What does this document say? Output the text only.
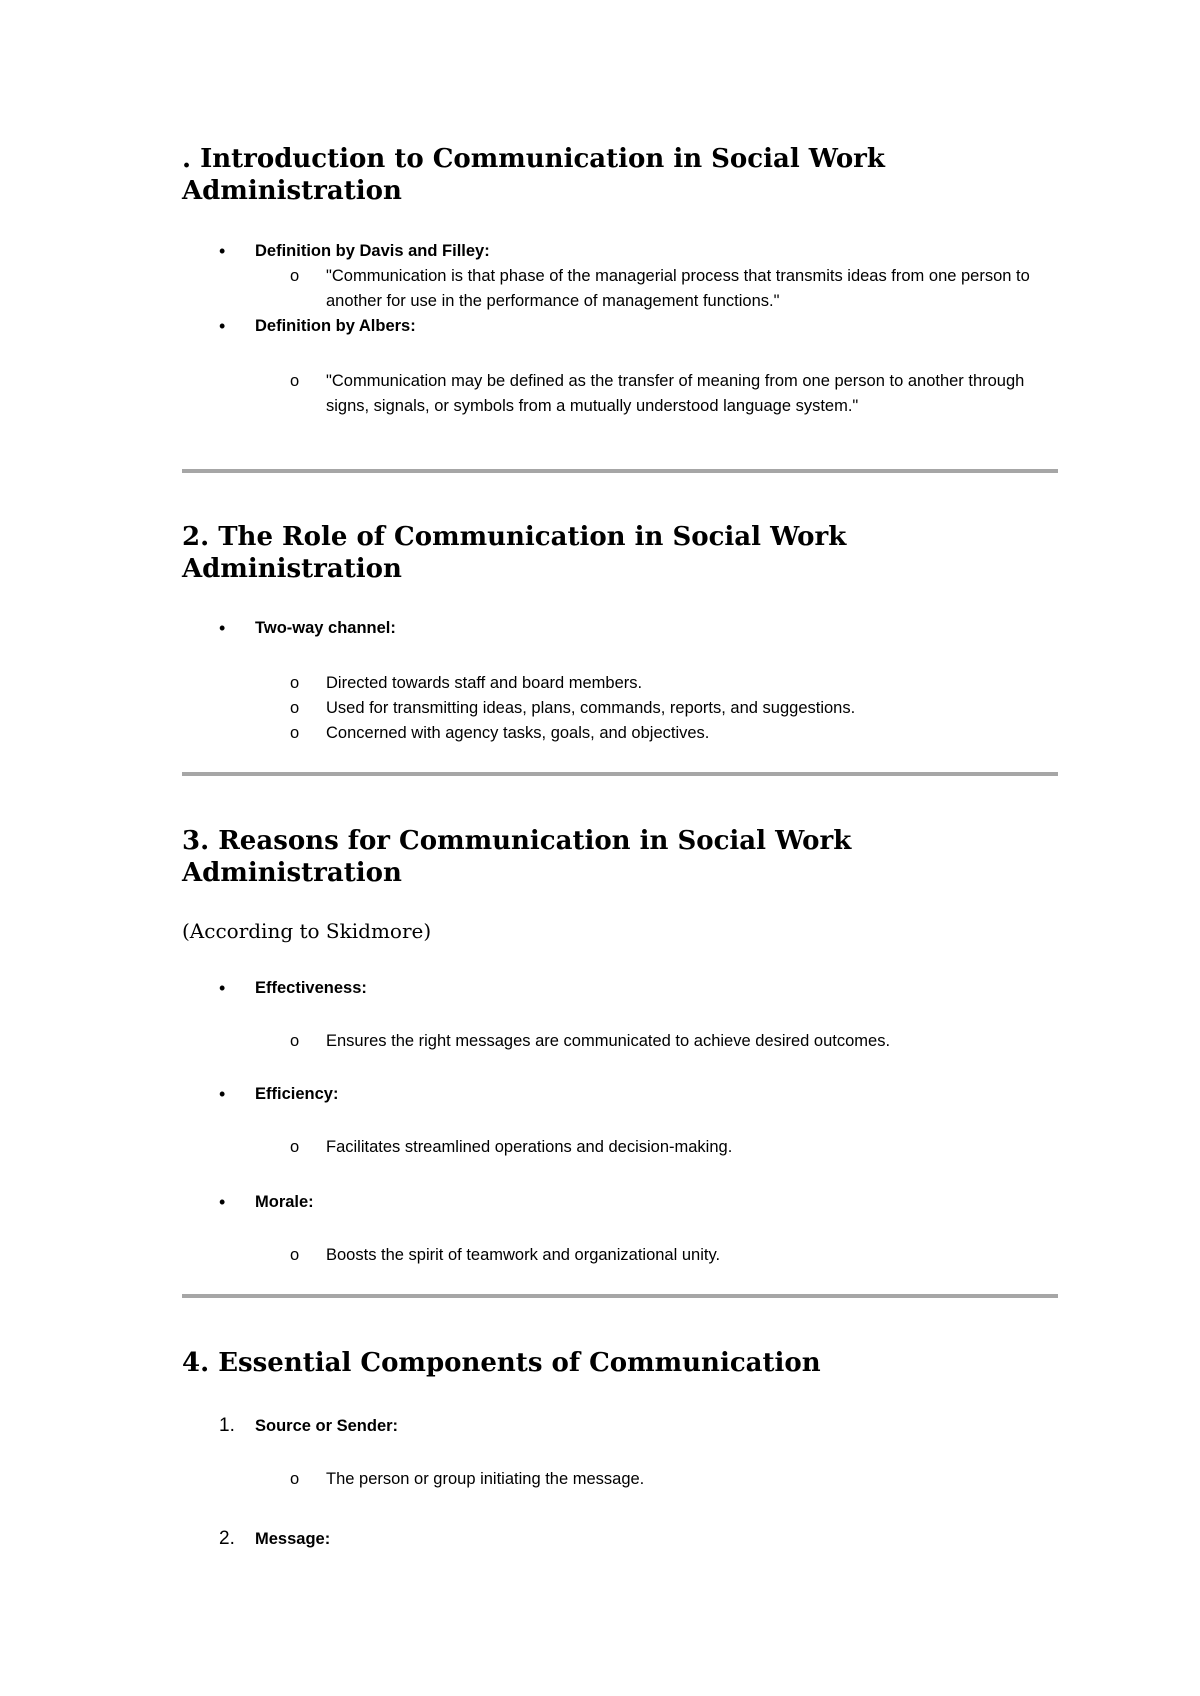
. Introduction to Communication in Social Work Administration
• Definition by Davis and Filley:
o "Communication is that phase of the managerial process that transmits ideas from one person to another for use in the performance of management functions."
• Definition by Albers:
o "Communication may be defined as the transfer of meaning from one person to another through signs, signals, or symbols from a mutually understood language system."
2. The Role of Communication in Social Work Administration
• Two-way channel:
o Directed towards staff and board members.
o Used for transmitting ideas, plans, commands, reports, and suggestions.
o Concerned with agency tasks, goals, and objectives.
3. Reasons for Communication in Social Work Administration
(According to Skidmore)
• Effectiveness:
o Ensures the right messages are communicated to achieve desired outcomes.
• Efficiency:
o Facilitates streamlined operations and decision-making.
• Morale:
o Boosts the spirit of teamwork and organizational unity.
4. Essential Components of Communication
1. Source or Sender:
o The person or group initiating the message.
2. Message:
